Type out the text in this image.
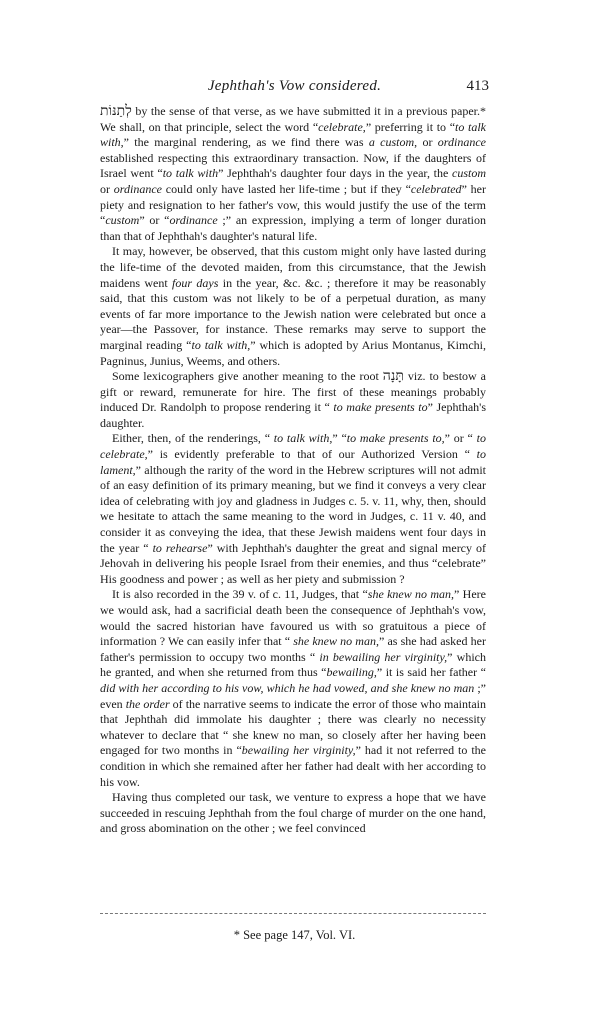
Jephthah's Vow considered.	413

לְתַנּוֹת by the sense of that verse, as we have submitted it in a previous paper.* We shall, on that principle, select the word “celebrate,” preferring it to “to talk with,” the marginal rendering, as we find there was a custom, or ordinance established respecting this extraordinary transaction. Now, if the daughters of Israel went “to talk with” Jephthah's daughter four days in the year, the custom or ordinance could only have lasted her life-time ; but if they “celebrated” her piety and resignation to her father's vow, this would justify the use of the term “custom” or “ordinance ;” an expression, implying a term of longer duration than that of Jephthah's daughter's natural life.

It may, however, be observed, that this custom might only have lasted during the life-time of the devoted maiden, from this circumstance, that the Jewish maidens went four days in the year, &c. &c. ; therefore it may be reasonably said, that this custom was not likely to be of a perpetual duration, as many events of far more importance to the Jewish nation were celebrated but once a year—the Passover, for instance. These remarks may serve to support the marginal reading “to talk with,” which is adopted by Arius Montanus, Kimchi, Pagninus, Junius, Weems, and others.

Some lexicographers give another meaning to the root תָּנָה viz. to bestow a gift or reward, remunerate for hire. The first of these meanings probably induced Dr. Randolph to propose rendering it “ to make presents to” Jephthah's daughter.

Either, then, of the renderings, “ to talk with,” “to make presents to,” or “ to celebrate,” is evidently preferable to that of our Authorized Version “ to lament,” although the rarity of the word in the Hebrew scriptures will not admit of an easy definition of its primary meaning, but we find it conveys a very clear idea of celebrating with joy and gladness in Judges c. 5. v. 11, why, then, should we hesitate to attach the same meaning to the word in Judges, c. 11 v. 40, and consider it as conveying the idea, that these Jewish maidens went four days in the year “ to rehearse” with Jephthah's daughter the great and signal mercy of Jehovah in delivering his people Israel from their enemies, and thus “celebrate” His goodness and power ; as well as her piety and submission ?

It is also recorded in the 39 v. of c. 11, Judges, that “she knew no man,” Here we would ask, had a sacrificial death been the consequence of Jephthah's vow, would the sacred historian have favoured us with so gratuitous a piece of information ? We can easily infer that “ she knew no man,” as she had asked her father's permission to occupy two months “ in bewailing her virginity,” which he granted, and when she returned from thus “bewailing,” it is said her father “ did with her according to his vow, which he had vowed, and she knew no man ;” even the order of the narrative seems to indicate the error of those who maintain that Jephthah did immolate his daughter ; there was clearly no necessity whatever to declare that “ she knew no man, so closely after her having been engaged for two months in “bewailing her virginity,” had it not referred to the condition in which she remained after her father had dealt with her according to his vow.

Having thus completed our task, we venture to express a hope that we have succeeded in rescuing Jephthah from the foul charge of murder on the one hand, and gross abomination on the other ; we feel convinced

* See page 147, Vol. VI.
